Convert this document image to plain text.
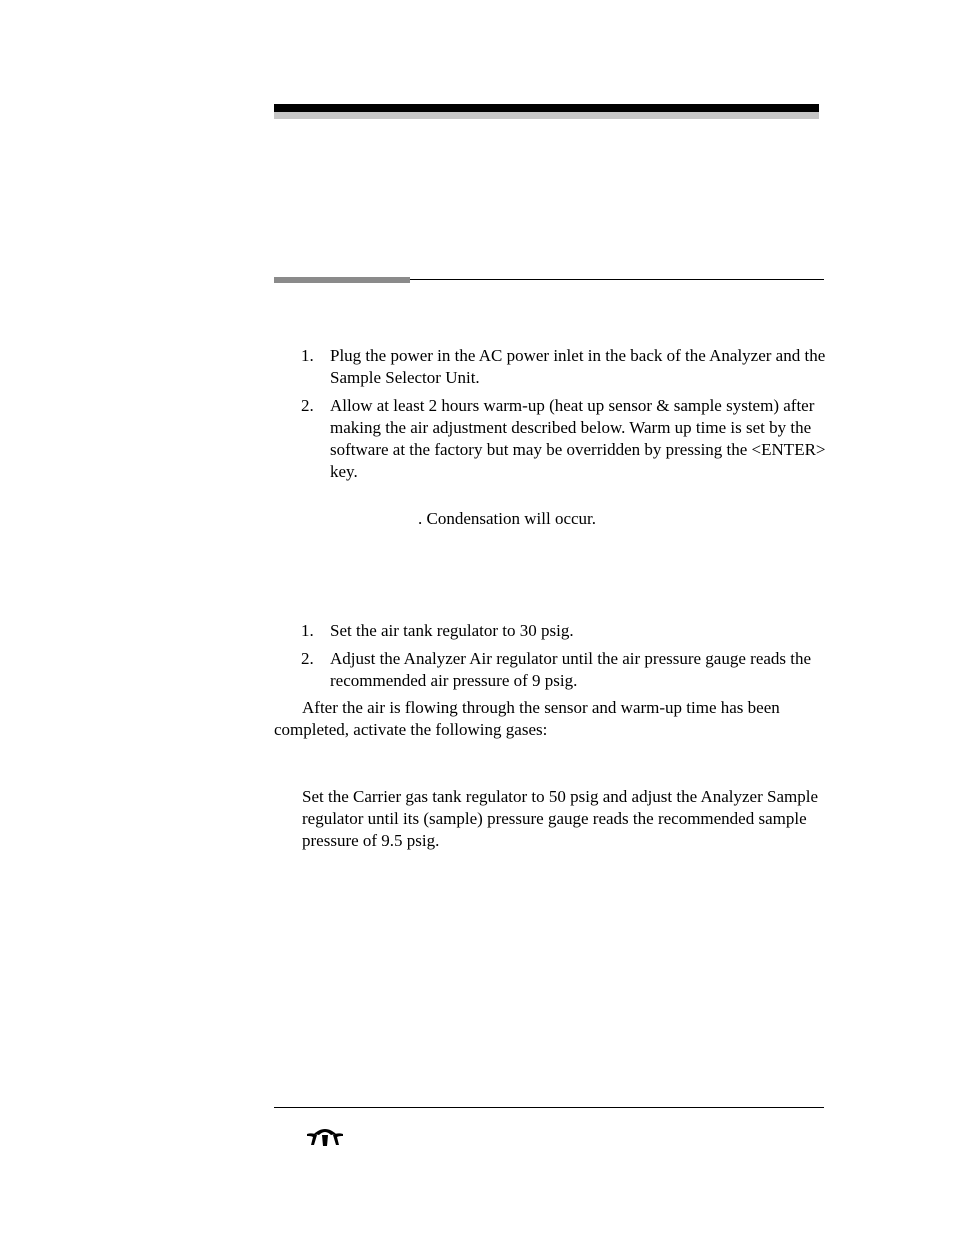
1. Plug the power in the AC power inlet in the back of the Analyzer and the Sample Selector Unit.
2. Allow at least 2 hours warm-up (heat up sensor & sample system) after making the air adjustment described below. Warm up time is set by the software at the factory but may be overridden by pressing the <ENTER> key.
. Condensation will occur.
1. Set the air tank regulator to 30 psig.
2. Adjust the Analyzer Air regulator until the air pressure gauge reads the recommended air pressure of 9 psig.

After the air is flowing through the sensor and warm-up time has been completed, activate the following gases:

Set the Carrier gas tank regulator to 50 psig and adjust the Analyzer Sample regulator until its (sample) pressure gauge reads the recommended sample pressure of 9.5 psig.
